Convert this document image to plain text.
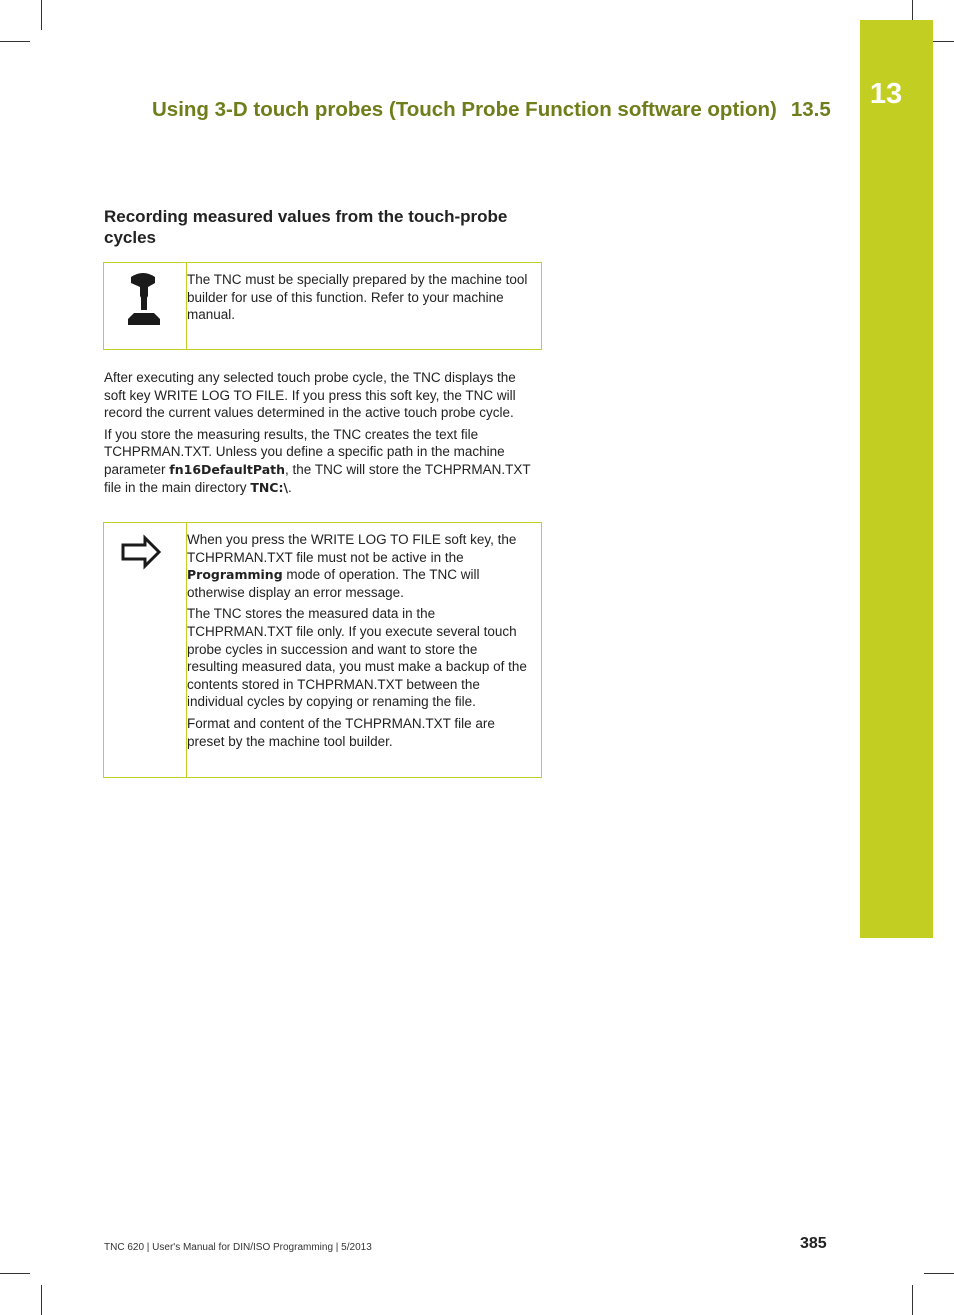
13
Using 3-D touch probes (Touch Probe Function software option) 13.5
Recording measured values from the touch-probe cycles

The TNC must be specially prepared by the machine tool builder for use of this function. Refer to your machine manual.

After executing any selected touch probe cycle, the TNC displays the soft key WRITE LOG TO FILE. If you press this soft key, the TNC will record the current values determined in the active touch probe cycle.

If you store the measuring results, the TNC creates the text file TCHPRMAN.TXT. Unless you define a specific path in the machine parameter fn16DefaultPath, the TNC will store the TCHPRMAN.TXT file in the main directory TNC:\.

When you press the WRITE LOG TO FILE soft key, the TCHPRMAN.TXT file must not be active in the Programming mode of operation. The TNC will otherwise display an error message.

The TNC stores the measured data in the TCHPRMAN.TXT file only. If you execute several touch probe cycles in succession and want to store the resulting measured data, you must make a backup of the contents stored in TCHPRMAN.TXT between the individual cycles by copying or renaming the file.

Format and content of the TCHPRMAN.TXT file are preset by the machine tool builder.

TNC 620 | User's Manual for DIN/ISO Programming | 5/2013	385
